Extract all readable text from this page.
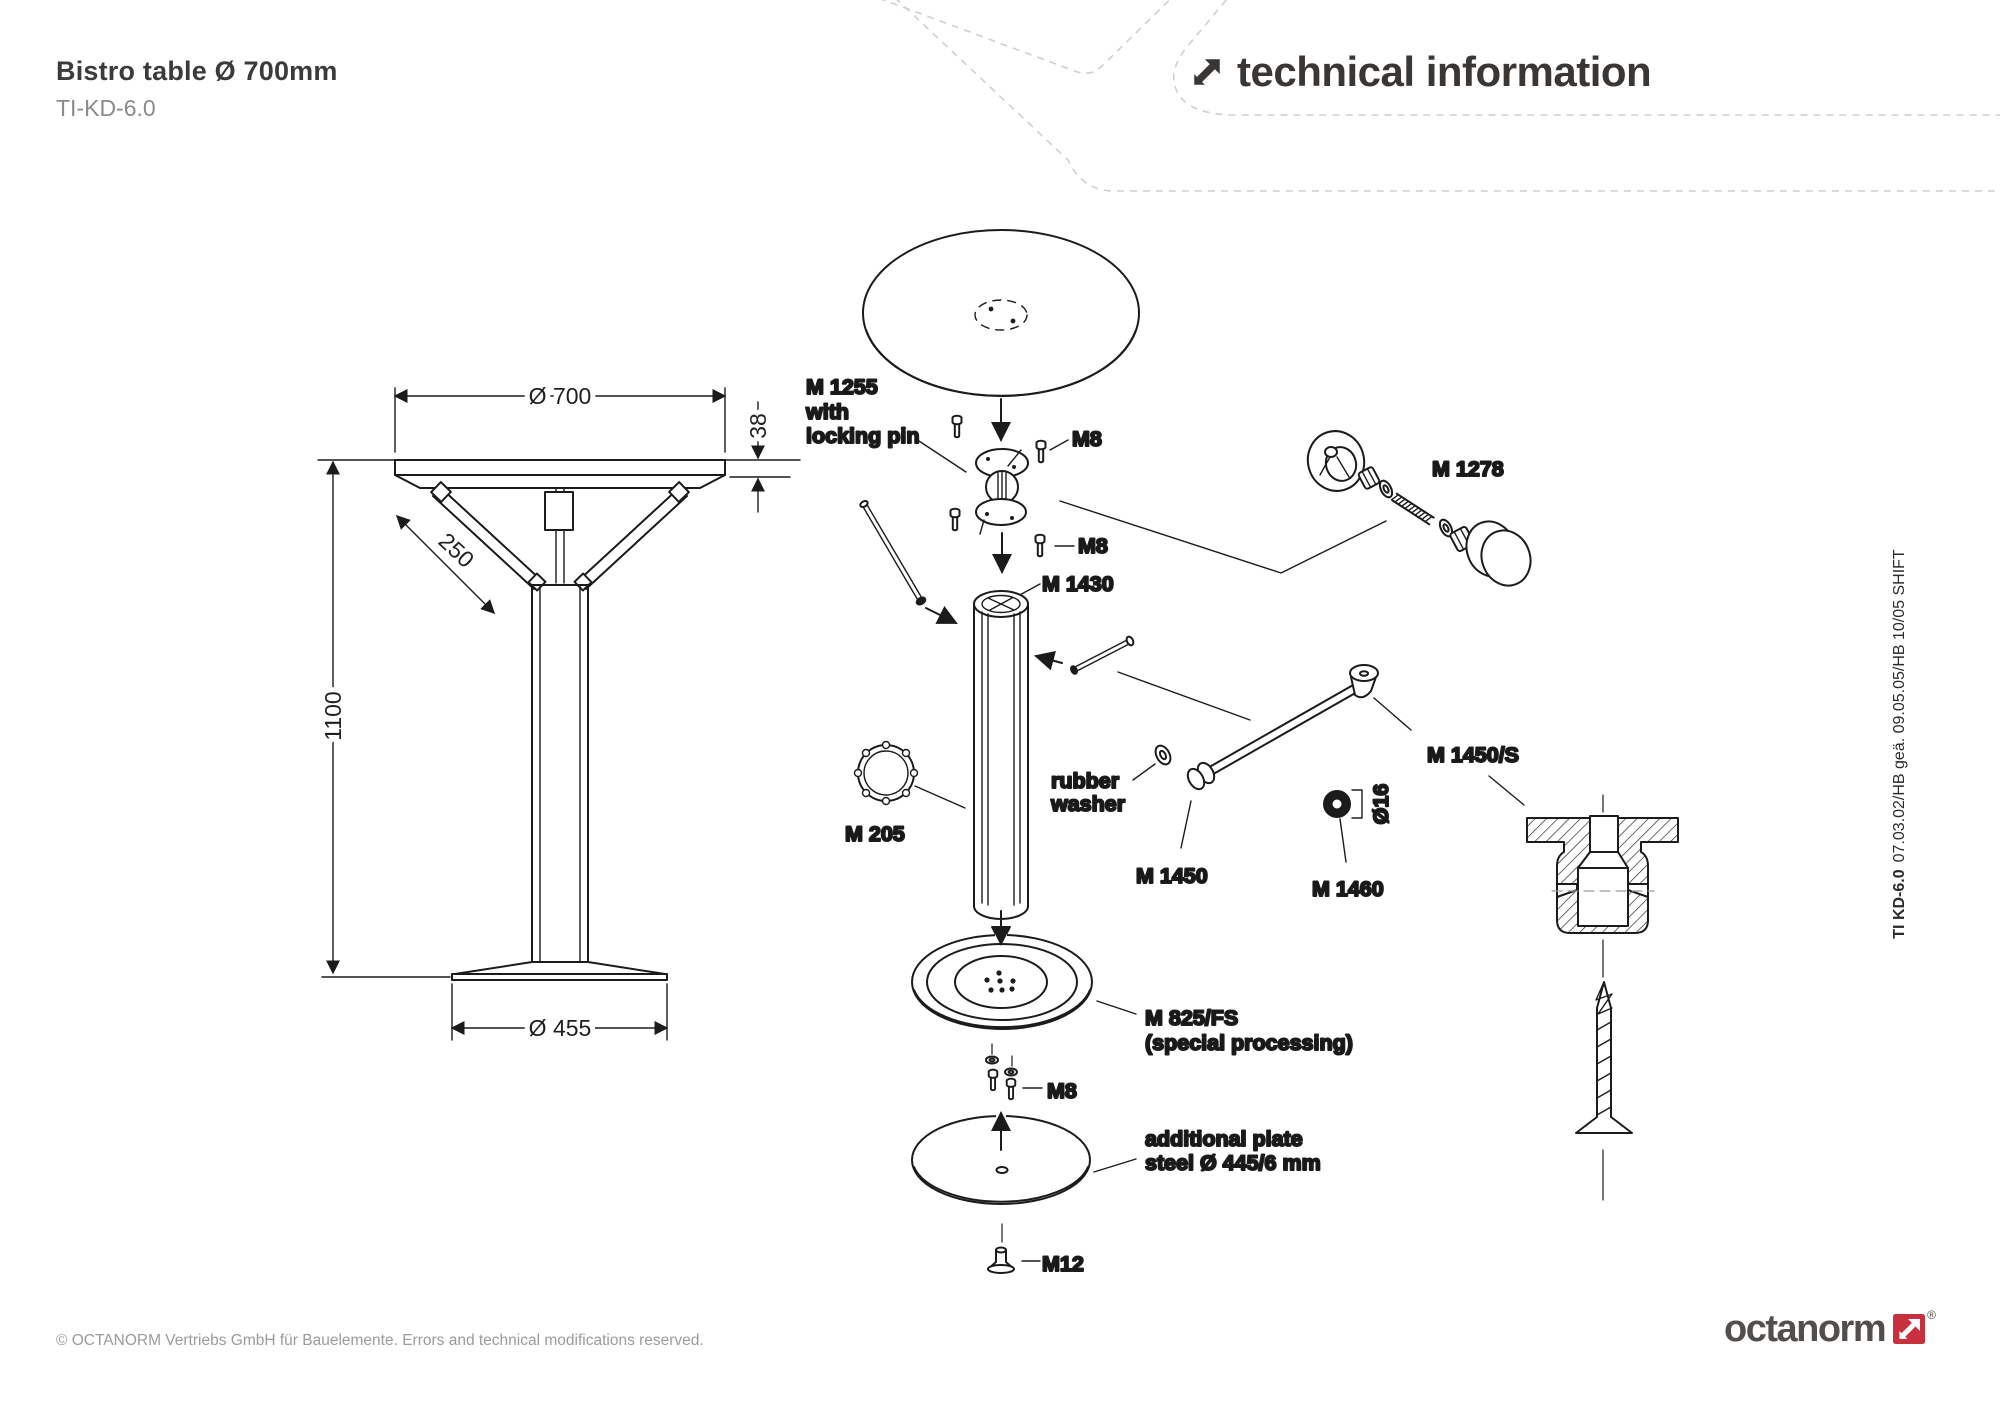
Ø 700
38
250
1100
Ø 455
M 1255
with
locking pin	M8
M8
M 1278
M 1430
M 205
rubber
washer
M 1450/S
M 1450
M 1460
Ø16
M 825/FS
(special processing)
M8
additional plate
steel Ø 445/6 mm
M12
TI KD-6.007.03.02/HB geä. 09.05.05/HB 10/05 SHIFT
Bistro table Ø 700mm
TI-KD-6.0
technical information
© OCTANORM Vertriebs GmbH für Bauelemente. Errors and technical modifications reserved.	octanorm	®
